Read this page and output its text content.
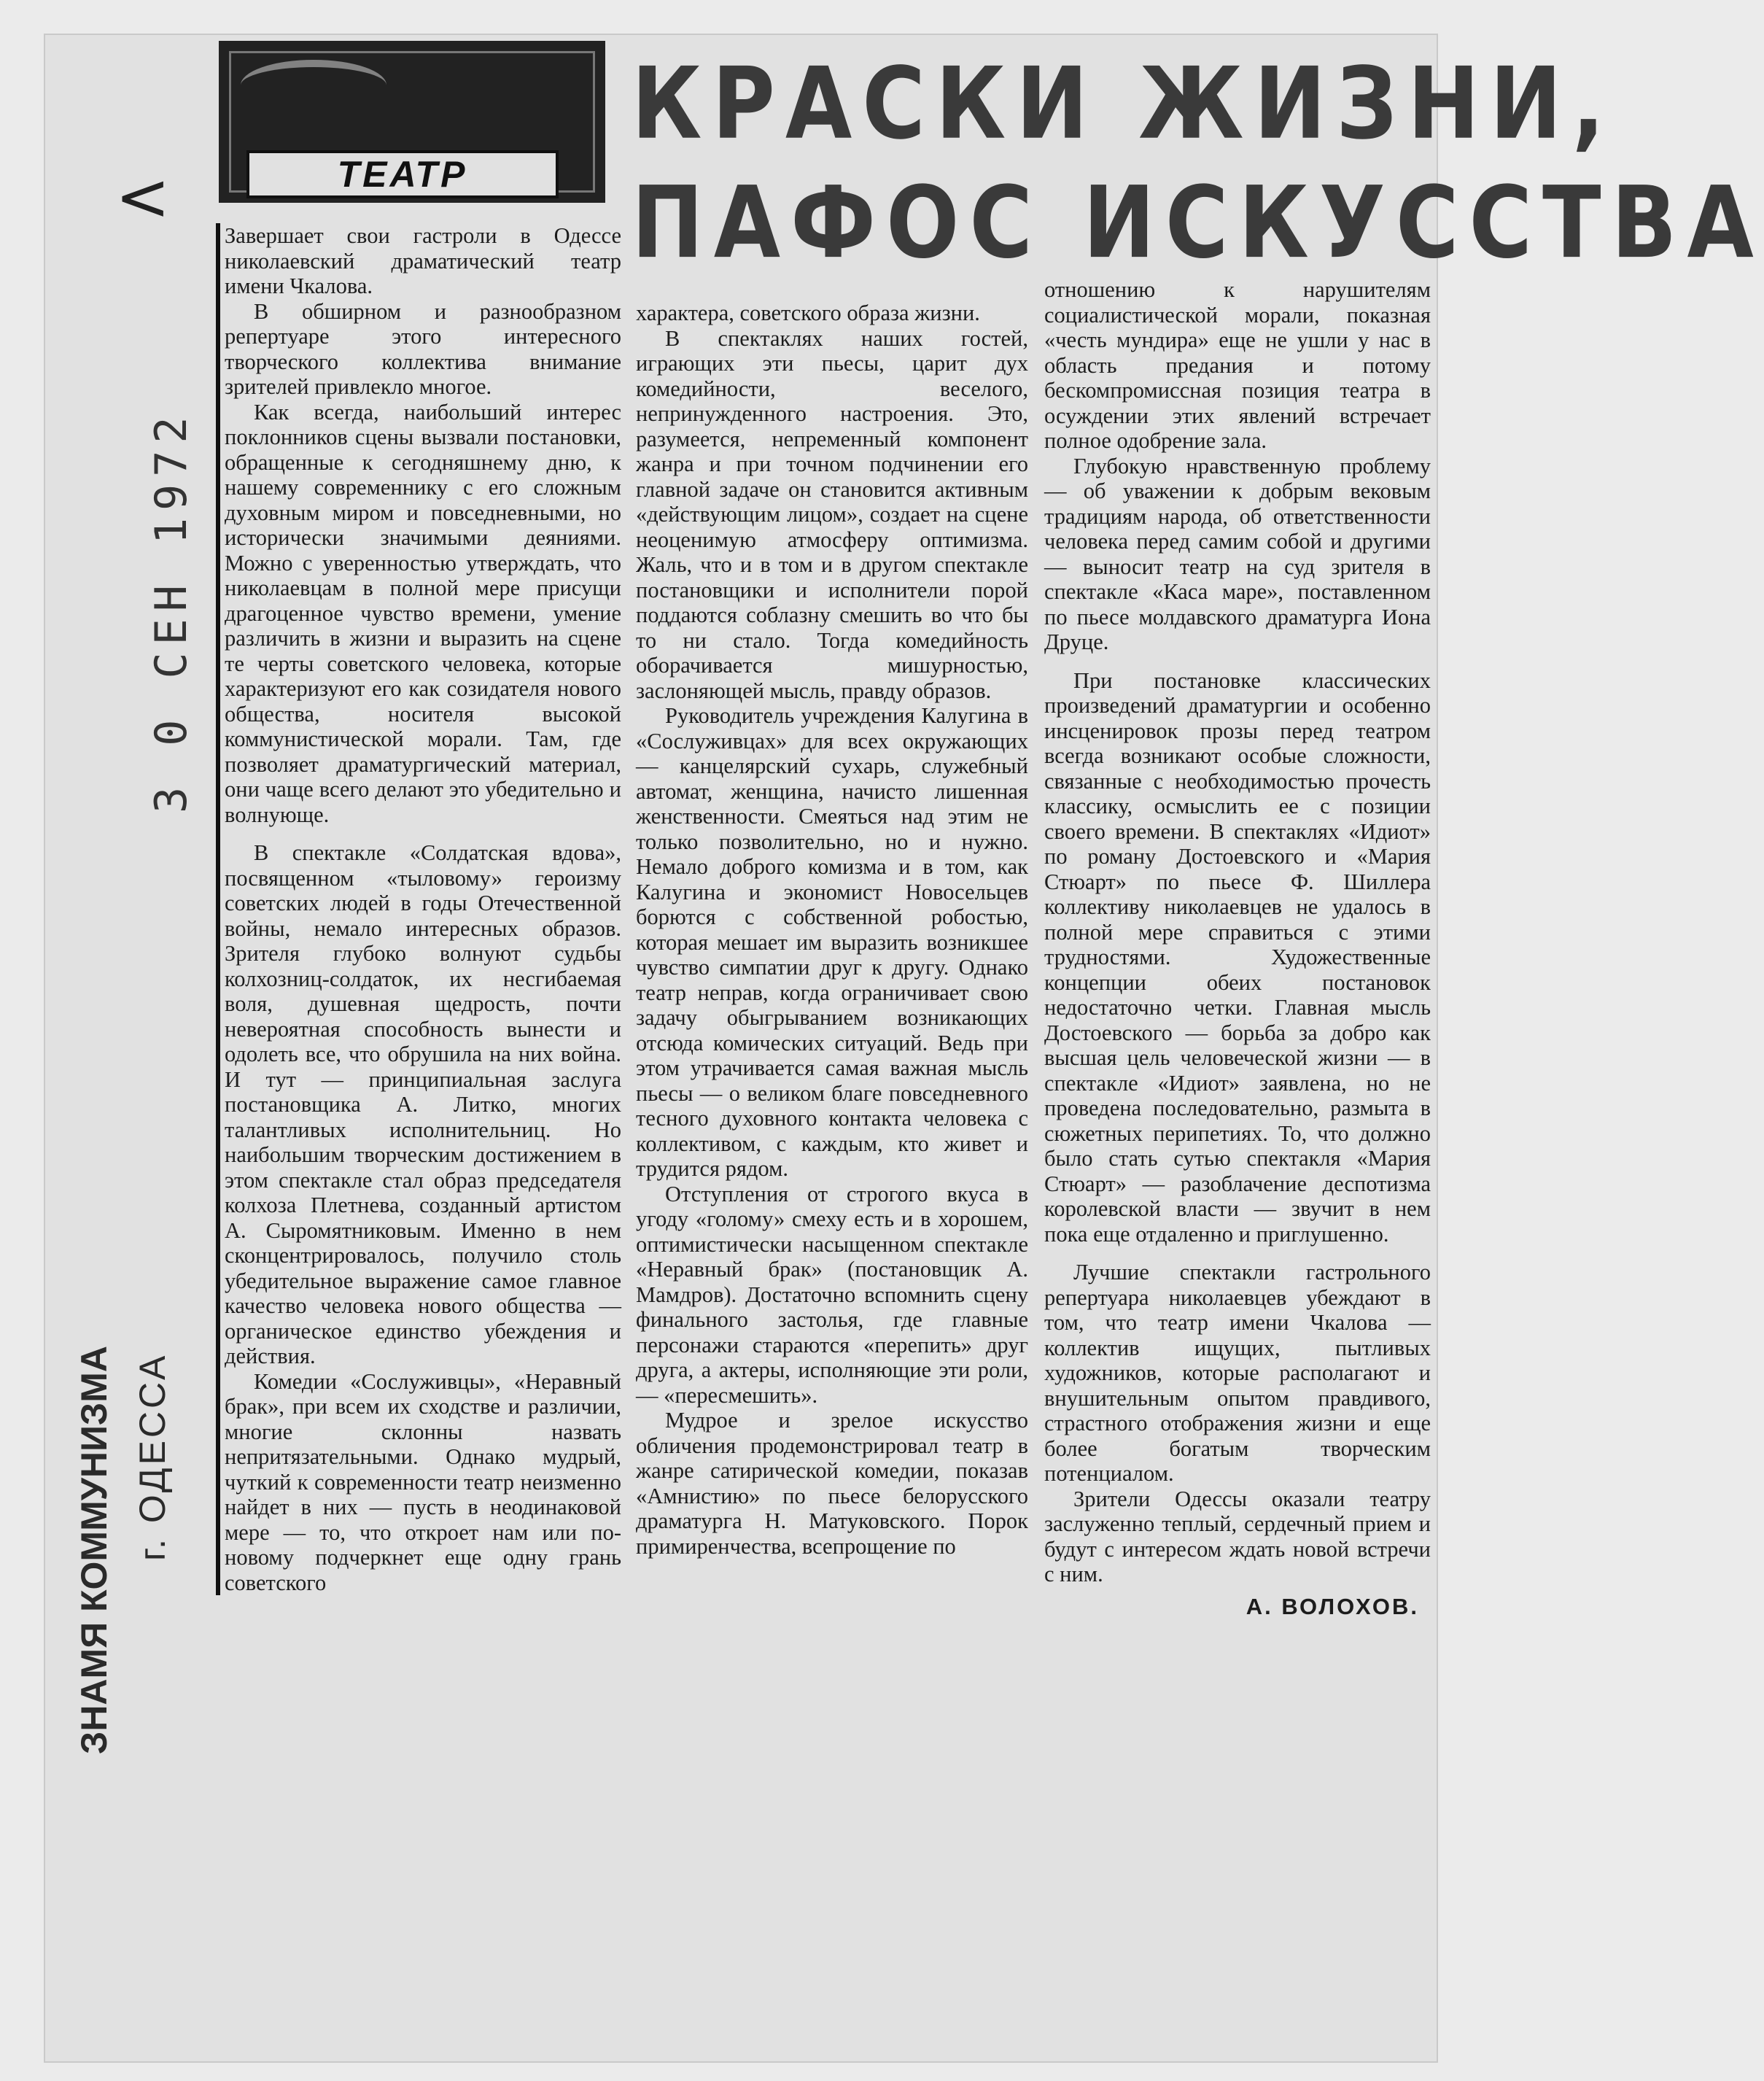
<	ТЕАТР
КРАСКИ ЖИЗНИ,
ПАФОС ИСКУССТВА
3 0 СЕН 1972
ЗНАМЯ КОММУНИЗМА г. ОДЕССА

Завершает свои гастроли в Одессе николаевский драматический театр имени Чкалова.

В обширном и разнообразном репертуаре этого интересного творческого коллектива внимание зрителей привлекло многое.

Как всегда, наибольший интерес поклонников сцены вызвали постановки, обращенные к сегодняшнему дню, к нашему современнику с его сложным духовным миром и повседневными, но исторически значимыми деяниями. Можно с уверенностью утверждать, что николаевцам в полной мере присущи драгоценное чувство времени, умение различить в жизни и выразить на сцене те черты советского человека, которые характеризуют его как созидателя нового общества, носителя высокой коммунистической морали. Там, где позволяет драматургический материал, они чаще всего делают это убедительно и волнующе.

В спектакле «Солдатская вдова», посвященном «тыловому» героизму советских людей в годы Отечественной войны, немало интересных образов. Зрителя глубоко волнуют судьбы колхозниц-солдаток, их несгибаемая воля, душевная щедрость, почти невероятная способность вынести и одолеть все, что обрушила на них война. И тут — принципиальная заслуга постановщика А. Литко, многих талантливых исполнительниц. Но наибольшим творческим достижением в этом спектакле стал образ председателя колхоза Плетнева, созданный артистом А. Сыромятниковым. Именно в нем сконцентрировалось, получило столь убедительное выражение самое главное качество человека нового общества — органическое единство убеждения и действия.

Комедии «Сослуживцы», «Неравный брак», при всем их сходстве и различии, многие склонны назвать непритязательными. Однако мудрый, чуткий к современности театр неизменно найдет в них — пусть в неодинаковой мере — то, что откроет нам или по-новому подчеркнет еще одну грань советского

характера, советского образа жизни.

В спектаклях наших гостей, играющих эти пьесы, царит дух комедийности, веселого, непринужденного настроения. Это, разумеется, непременный компонент жанра и при точном подчинении его главной задаче он становится активным «действующим лицом», создает на сцене неоценимую атмосферу оптимизма. Жаль, что и в том и в другом спектакле постановщики и исполнители порой поддаются соблазну смешить во что бы то ни стало. Тогда комедийность оборачивается мишурностью, заслоняющей мысль, правду образов.

Руководитель учреждения Калугина в «Сослуживцах» для всех окружающих — канцелярский сухарь, служебный автомат, женщина, начисто лишенная женственности. Смеяться над этим не только позволительно, но и нужно. Немало доброго комизма и в том, как Калугина и экономист Новосельцев борются с собственной робостью, которая мешает им выразить возникшее чувство симпатии друг к другу. Однако театр неправ, когда ограничивает свою задачу обыгрыванием возникающих отсюда комических ситуаций. Ведь при этом утрачивается самая важная мысль пьесы — о великом благе повседневного тесного духовного контакта человека с коллективом, с каждым, кто живет и трудится рядом.

Отступления от строгого вкуса в угоду «голому» смеху есть и в хорошем, оптимистически насыщенном спектакле «Неравный брак» (постановщик А. Мамдров). Достаточно вспомнить сцену финального застолья, где главные персонажи стараются «перепить» друг друга, а актеры, исполняющие эти роли, — «пересмешить».

Мудрое и зрелое искусство обличения продемонстрировал театр в жанре сатирической комедии, показав «Амнистию» по пьесе белорусского драматурга Н. Матуковского. Порок примиренчества, всепрощение по

отношению к нарушителям социалистической морали, показная «честь мундира» еще не ушли у нас в область предания и потому бескомпромиссная позиция театра в осуждении этих явлений встречает полное одобрение зала.

Глубокую нравственную проблему — об уважении к добрым вековым традициям народа, об ответственности человека перед самим собой и другими — выносит театр на суд зрителя в спектакле «Каса маре», поставленном по пьесе молдавского драматурга Иона Друце.

При постановке классических произведений драматургии и особенно инсценировок прозы перед театром всегда возникают особые сложности, связанные с необходимостью прочесть классику, осмыслить ее с позиции своего времени. В спектаклях «Идиот» по роману Достоевского и «Мария Стюарт» по пьесе Ф. Шиллера коллективу николаевцев не удалось в полной мере справиться с этими трудностями. Художественные концепции обеих постановок недостаточно четки. Главная мысль Достоевского — борьба за добро как высшая цель человеческой жизни — в спектакле «Идиот» заявлена, но не проведена последовательно, размыта в сюжетных перипетиях. То, что должно было стать сутью спектакля «Мария Стюарт» — разоблачение деспотизма королевской власти — звучит в нем пока еще отдаленно и приглушенно.

Лучшие спектакли гастрольного репертуара николаевцев убеждают в том, что театр имени Чкалова — коллектив ищущих, пытливых художников, которые располагают и внушительным опытом правдивого, страстного отображения жизни и еще более богатым творческим потенциалом.

Зрители Одессы оказали театру заслуженно теплый, сердечный прием и будут с интересом ждать новой встречи с ним.

А. ВОЛОХОВ.
